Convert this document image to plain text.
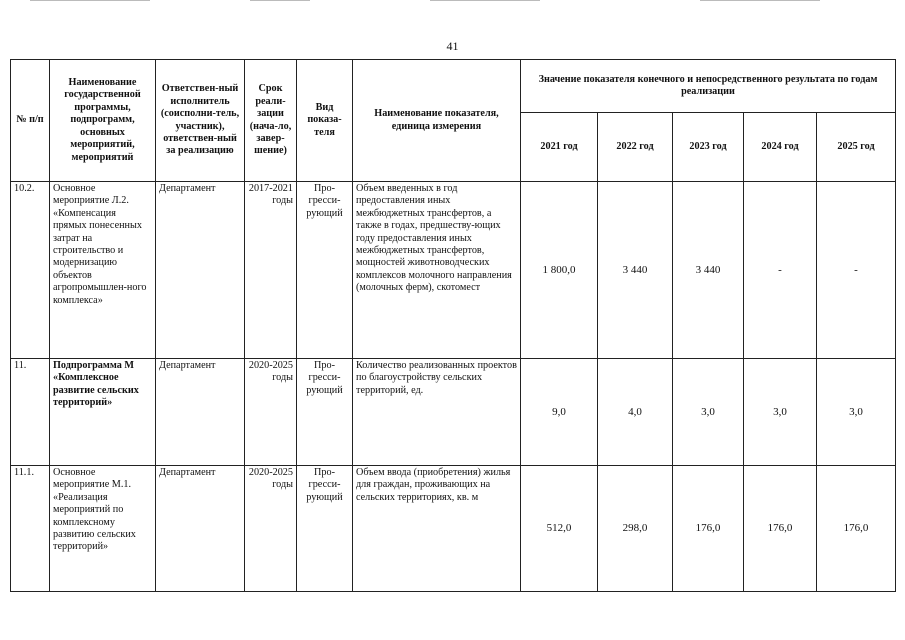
41
№ п/п	Наименование государственной программы, подпрограмм, основных мероприятий, мероприятий	Ответствен-ный исполнитель (соисполни-тель, участник), ответствен-ный за реализацию	Срок реали-зации (нача-ло, завер-шение)	Вид показа-теля	Наименование показателя, единица измерения	Значение показателя конечного и непосредственного результата по годам реализации				
						2021 год	2022 год	2023 год	2024 год	2025 год
10.2.	Основное мероприятие Л.2. «Компенсация прямых понесенных затрат на строительство и модернизацию объектов агропромышлен-ного комплекса»	Департамент	2017-2021 годы	Про-гресси-рующий	Объем введенных в год предоставления иных межбюджетных трансфертов, а также в годах, предшеству-ющих году предоставления иных межбюджетных трансфертов, мощностей животноводческих комплексов молочного направления (молочных ферм), скотомест	1 800,0	3 440	3 440	-	-
11.	Подпрограмма М «Комплексное развитие сельских территорий»	Департамент	2020-2025 годы	Про-гресси-рующий	Количество реализованных проектов по благоустройству сельских территорий, ед.	9,0	4,0	3,0	3,0	3,0
11.1.	Основное мероприятие М.1. «Реализация мероприятий по комплексному развитию сельских территорий»	Департамент	2020-2025 годы	Про-гресси-рующий	Объем ввода (приобретения) жилья для граждан, проживающих на сельских территориях, кв. м	512,0	298,0	176,0	176,0	176,0
